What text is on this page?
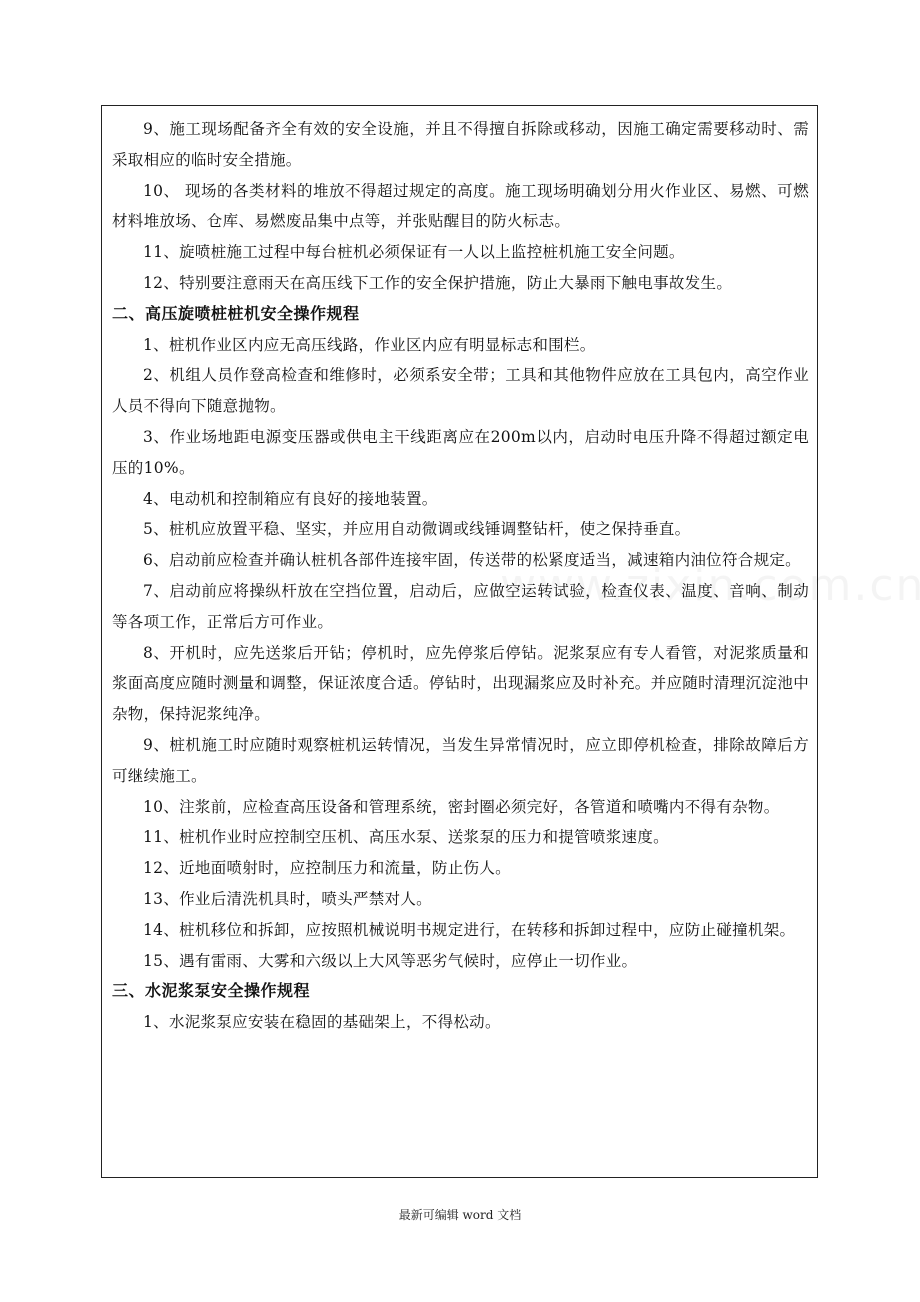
9、施工现场配备齐全有效的安全设施，并且不得擅自拆除或移动，因施工确定需要移动时、需采取相应的临时安全措施。

10、 现场的各类材料的堆放不得超过规定的高度。施工现场明确划分用火作业区、易燃、可燃材料堆放场、仓库、易燃废品集中点等，并张贴醒目的防火标志。

11、旋喷桩施工过程中每台桩机必须保证有一人以上监控桩机施工安全问题。

12、特别要注意雨天在高压线下工作的安全保护措施，防止大暴雨下触电事故发生。

二、高压旋喷桩桩机安全操作规程

1、桩机作业区内应无高压线路，作业区内应有明显标志和围栏。

2、机组人员作登高检查和维修时，必须系安全带；工具和其他物件应放在工具包内，高空作业人员不得向下随意抛物。

3、作业场地距电源变压器或供电主干线距离应在200m以内，启动时电压升降不得超过额定电压的10%。

4、电动机和控制箱应有良好的接地装置。

5、桩机应放置平稳、坚实，并应用自动微调或线锤调整钻杆，使之保持垂直。

6、启动前应检查并确认桩机各部件连接牢固，传送带的松紧度适当，减速箱内油位符合规定。

7、启动前应将操纵杆放在空挡位置，启动后，应做空运转试验，检查仪表、温度、音响、制动等各项工作，正常后方可作业。

8、开机时，应先送浆后开钻；停机时，应先停浆后停钻。泥浆泵应有专人看管，对泥浆质量和浆面高度应随时测量和调整，保证浓度合适。停钻时，出现漏浆应及时补充。并应随时清理沉淀池中杂物，保持泥浆纯净。

9、桩机施工时应随时观察桩机运转情况，当发生异常情况时，应立即停机检查，排除故障后方可继续施工。

10、注浆前，应检查高压设备和管理系统，密封圈必须完好，各管道和喷嘴内不得有杂物。

11、桩机作业时应控制空压机、高压水泵、送浆泵的压力和提管喷浆速度。

12、近地面喷射时，应控制压力和流量，防止伤人。

13、作业后清洗机具时，喷头严禁对人。

14、桩机移位和拆卸，应按照机械说明书规定进行，在转移和拆卸过程中，应防止碰撞机架。

15、遇有雷雨、大雾和六级以上大风等恶劣气候时，应停止一切作业。

三、水泥浆泵安全操作规程

1、水泥浆泵应安装在稳固的基础架上，不得松动。

最新可编辑 word 文档
